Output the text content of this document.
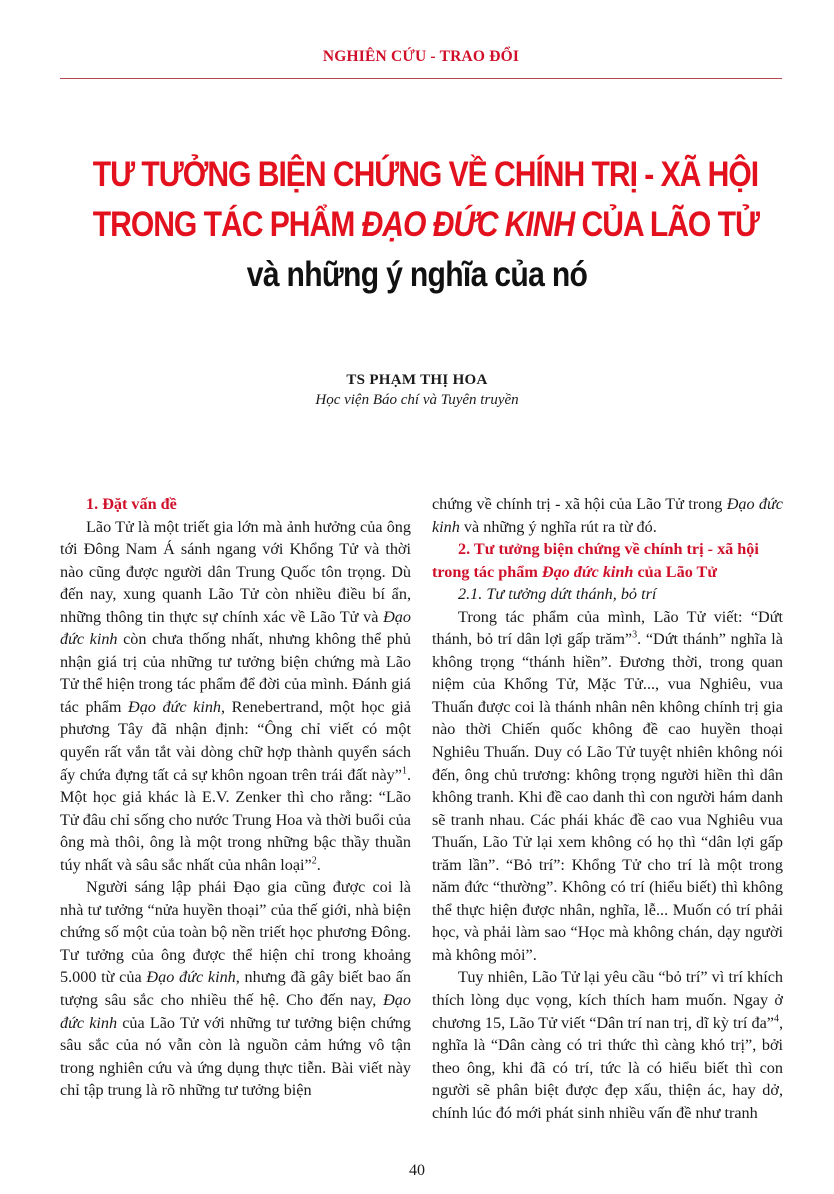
NGHIÊN CỨU - TRAO ĐỔI
TƯ TƯỞNG BIỆN CHỨNG VỀ CHÍNH TRỊ - XÃ HỘI
TRONG TÁC PHẨM ĐẠO ĐỨC KINH CỦA LÃO TỬ
và những ý nghĩa của nó
TS PHẠM THỊ HOA
Học viện Báo chí và Tuyên truyền

1. Đặt vấn đề

Lão Tử là một triết gia lớn mà ảnh hưởng của ông tới Đông Nam Á sánh ngang với Khổng Tử và thời nào cũng được người dân Trung Quốc tôn trọng. Dù đến nay, xung quanh Lão Tử còn nhiều điều bí ẩn, những thông tin thực sự chính xác về Lão Tử và Đạo đức kinh còn chưa thống nhất, nhưng không thể phủ nhận giá trị của những tư tưởng biện chứng mà Lão Tử thể hiện trong tác phẩm để đời của mình. Đánh giá tác phẩm Đạo đức kinh, Renebertrand, một học giả phương Tây đã nhận định: “Ông chỉ viết có một quyển rất vắn tắt vài dòng chữ hợp thành quyển sách ấy chứa đựng tất cả sự khôn ngoan trên trái đất này”$^1$. Một học giả khác là E.V. Zenker thì cho rằng: “Lão Tử đâu chỉ sống cho nước Trung Hoa và thời buổi của ông mà thôi, ông là một trong những bậc thầy thuần túy nhất và sâu sắc nhất của nhân loại”$^2$.

Người sáng lập phái Đạo gia cũng được coi là nhà tư tưởng “nửa huyền thoại” của thế giới, nhà biện chứng số một của toàn bộ nền triết học phương Đông. Tư tưởng của ông được thể hiện chỉ trong khoảng 5.000 từ của Đạo đức kinh, nhưng đã gây biết bao ấn tượng sâu sắc cho nhiều thế hệ. Cho đến nay, Đạo đức kinh của Lão Tử với những tư tưởng biện chứng sâu sắc của nó vẫn còn là nguồn cảm hứng vô tận trong nghiên cứu và ứng dụng thực tiễn. Bài viết này chỉ tập trung là rõ những tư tưởng biện

chứng về chính trị - xã hội của Lão Tử trong Đạo đức kinh và những ý nghĩa rút ra từ đó.

2. Tư tưởng biện chứng về chính trị - xã hội trong tác phẩm Đạo đức kinh của Lão Tử

2.1. Tư tưởng dứt thánh, bỏ trí

Trong tác phẩm của mình, Lão Tử viết: “Dứt thánh, bỏ trí dân lợi gấp trăm”$^3$. “Dứt thánh” nghĩa là không trọng “thánh hiền”. Đương thời, trong quan niệm của Khổng Tử, Mặc Tử..., vua Nghiêu, vua Thuấn được coi là thánh nhân nên không chính trị gia nào thời Chiến quốc không đề cao huyền thoại Nghiêu Thuấn. Duy có Lão Tử tuyệt nhiên không nói đến, ông chủ trương: không trọng người hiền thì dân không tranh. Khi đề cao danh thì con người hám danh sẽ tranh nhau. Các phái khác đề cao vua Nghiêu vua Thuấn, Lão Tử lại xem không có họ thì “dân lợi gấp trăm lần”. “Bỏ trí”: Khổng Tử cho trí là một trong năm đức “thường”. Không có trí (hiểu biết) thì không thể thực hiện được nhân, nghĩa, lễ... Muốn có trí phải học, và phải làm sao “Học mà không chán, dạy người mà không mỏi”.

Tuy nhiên, Lão Tử lại yêu cầu “bỏ trí” vì trí khích thích lòng dục vọng, kích thích ham muốn. Ngay ở chương 15, Lão Tử viết “Dân trí nan trị, dĩ kỳ trí đa”$^4$, nghĩa là “Dân càng có tri thức thì càng khó trị”, bởi theo ông, khi đã có trí, tức là có hiểu biết thì con người sẽ phân biệt được đẹp xấu, thiện ác, hay dở, chính lúc đó mới phát sinh nhiều vấn đề như tranh

40
